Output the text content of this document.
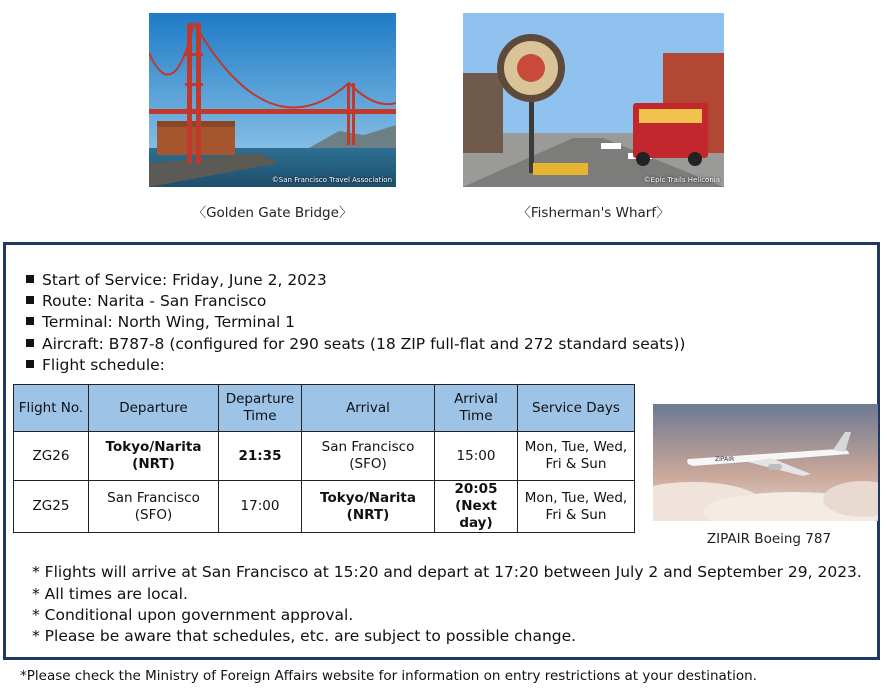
©San Francisco Travel Association
〈Golden Gate Bridge〉
©Epic Trails Heliconia
〈Fisherman's Wharf〉
Start of Service: Friday, June 2, 2023
Route: Narita - San Francisco
Terminal: North Wing, Terminal 1
Aircraft: B787-8 (configured for 290 seats (18 ZIP full-flat and 272 standard seats))
Flight schedule:
Flight No.	Departure	Departure Time	Arrival	Arrival Time	Service Days
ZG26	Tokyo/Narita (NRT)	21:35	San Francisco (SFO)	15:00	Mon, Tue, Wed, Fri & Sun
ZG25	San Francisco (SFO)	17:00	Tokyo/Narita (NRT)	20:05 (Next day)	Mon, Tue, Wed, Fri & Sun
ZIPAIR
ZIPAIR Boeing 787
* Flights will arrive at San Francisco at 15:20 and depart at 17:20 between July 2 and September 29, 2023.
* All times are local.
* Conditional upon government approval.
* Please be aware that schedules, etc. are subject to possible change.
*Please check the Ministry of Foreign Affairs website for information on entry restrictions at your destination.
